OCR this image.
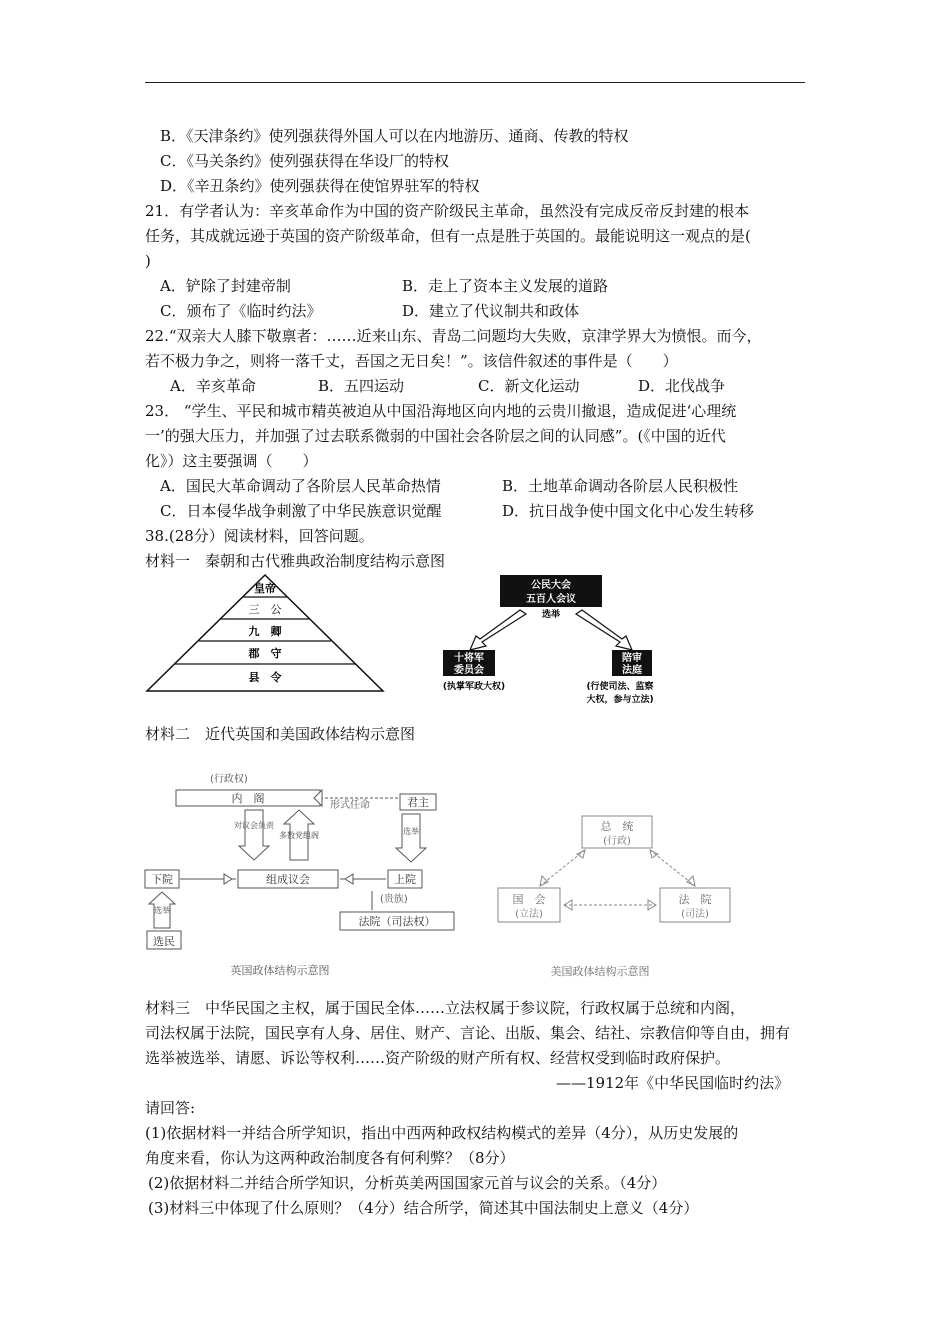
B．《天津条约》使列强获得外国人可以在内地游历、通商、传教的特权
C．《马关条约》使列强获得在华设厂的特权
D．《辛丑条约》使列强获得在使馆界驻军的特权
21．有学者认为：辛亥革命作为中国的资产阶级民主革命，虽然没有完成反帝反封建的根本
任务，其成就远逊于英国的资产阶级革命，但有一点是胜于英国的。最能说明这一观点的是(
)
A．铲除了封建帝制	B．走上了资本主义发展的道路
C．颁布了《临时约法》	D．建立了代议制共和政体
22.“双亲大人膝下敬禀者：……近来山东、青岛二问题均大失败，京津学界大为愤恨。而今，
若不极力争之，则将一落千丈，吾国之无日矣！”。该信件叙述的事件是（　　）
A．辛亥革命	B．五四运动	C．新文化运动	D．北伐战争
23． “学生、平民和城市精英被迫从中国沿海地区向内地的云贵川撤退，造成促进‘心理统
一’的强大压力，并加强了过去联系微弱的中国社会各阶层之间的认同感”。(《中国的近代
化》）这主要强调（　　）
A．国民大革命调动了各阶层人民革命热情	B．土地革命调动各阶层人民积极性
C．日本侵华战争刺激了中华民族意识觉醒	D．抗日战争使中国文化中心发生转移
38.(28分）阅读材料，回答问题。
材料一　秦朝和古代雅典政治制度结构示意图
皇帝
三　公
九　卿
郡　守
县　令
公民大会
五百人会议
选举
十将军
委员会
(执掌军政大权)
陪审
法庭
(行使司法、监察
大权，参与立法)
材料二　近代英国和美国政体结构示意图
(行政权)
内　阁
形式任命	君主
对议会负责
多数党组阁	选举
下院	组成议会	上院
(贵族)
法院（司法权）
选举
选民
英国政体结构示意图
总　统
(行政)
国　会
(立法)
法　院
(司法)
美国政体结构示意图
材料三　中华民国之主权，属于国民全体……立法权属于参议院，行政权属于总统和内阁，
司法权属于法院，国民享有人身、居住、财产、言论、出版、集会、结社、宗教信仰等自由，拥有
选举被选举、请愿、诉讼等权利……资产阶级的财产所有权、经营权受到临时政府保护。
——1912年《中华民国临时约法》
请回答:
(1)依据材料一并结合所学知识，指出中西两种政权结构模式的差异（4分），从历史发展的
角度来看，你认为这两种政治制度各有何利弊？（8分）
(2)依据材料二并结合所学知识，分析英美两国国家元首与议会的关系。（4分）
(3)材料三中体现了什么原则？（4分）结合所学，简述其中国法制史上意义（4分）
